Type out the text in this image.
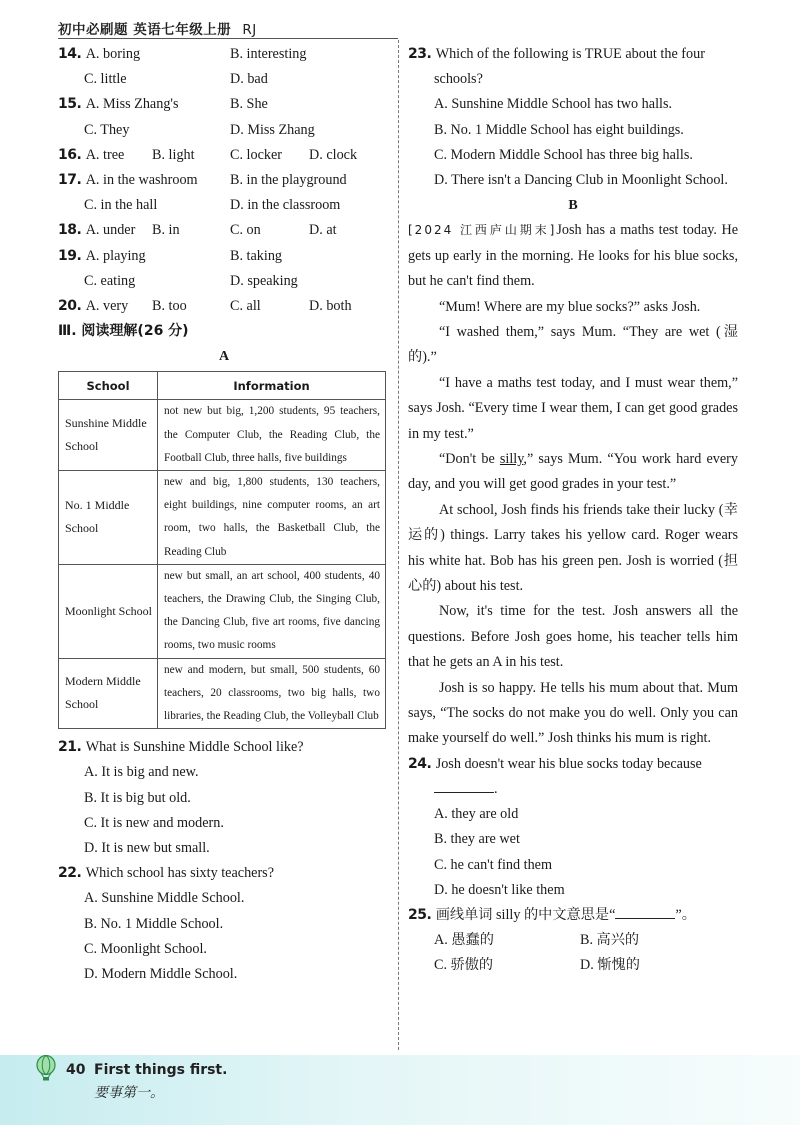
初中必刷题 英语七年级上册 RJ
14. A. boring	B. interesting
C. little	D. bad
15. A. Miss Zhang's	B. She
C. They	D. Miss Zhang
16. A. tree B. light C. locker D. clock
17. A. in the washroom B. in the playground
C. in the hall	D. in the classroom
18. A. under B. in	C. on	D. at
19. A. playing	B. taking
C. eating	D. speaking
20. A. very B. too	C. all	D. both
Ⅲ. 阅读理解(26 分)
A
School	Information
Sunshine Middle School	not new but big, 1,200 students, 95 teachers, the Computer Club, the Reading Club, the Football Club, three halls, five buildings
No. 1 Middle School	new and big, 1,800 students, 130 teachers, eight buildings, nine computer rooms, an art room, two halls, the Basketball Club, the Reading Club
Moonlight School	new but small, an art school, 400 students, 40 teachers, the Drawing Club, the Singing Club, the Dancing Club, five art rooms, five dancing rooms, two music rooms
Modern Middle School	new and modern, but small, 500 students, 60 teachers, 20 classrooms, two big halls, two libraries, the Reading Club, the Volleyball Club
21. What is Sunshine Middle School like?
A. It is big and new.
B. It is big but old.
C. It is new and modern.
D. It is new but small.
22. Which school has sixty teachers?
A. Sunshine Middle School.
B. No. 1 Middle School.
C. Moonlight School.
D. Modern Middle School.
23. Which of the following is TRUE about the four schools?
A. Sunshine Middle School has two halls.
B. No. 1 Middle School has eight buildings.
C. Modern Middle School has three big halls.
D. There isn't a Dancing Club in Moonlight School.
B

[2024 江西庐山期末]Josh has a maths test today. He gets up early in the morning. He looks for his blue socks, but he can't find them.

“Mum! Where are my blue socks?” asks Josh.

“I washed them,” says Mum. “They are wet (湿的).”

“I have a maths test today, and I must wear them,” says Josh. “Every time I wear them, I can get good grades in my test.”

“Don't be silly,” says Mum. “You work hard every day, and you will get good grades in your test.”

At school, Josh finds his friends take their lucky (幸运的) things. Larry takes his yellow card. Roger wears his white hat. Bob has his green pen. Josh is worried (担心的) about his test.

Now, it's time for the test. Josh answers all the questions. Before Josh goes home, his teacher tells him that he gets an A in his test.

Josh is so happy. He tells his mum about that. Mum says, “The socks do not make you do well. Only you can make yourself do well.” Josh thinks his mum is right.

24. Josh doesn't wear his blue socks today because
.
A. they are old
B. they are wet
C. he can't find them
D. he doesn't like them
25. 画线单词 silly 的中文意思是“	”。
A. 愚蠢的	B. 高兴的
C. 骄傲的	D. 惭愧的
40 First things first.
要事第一。
